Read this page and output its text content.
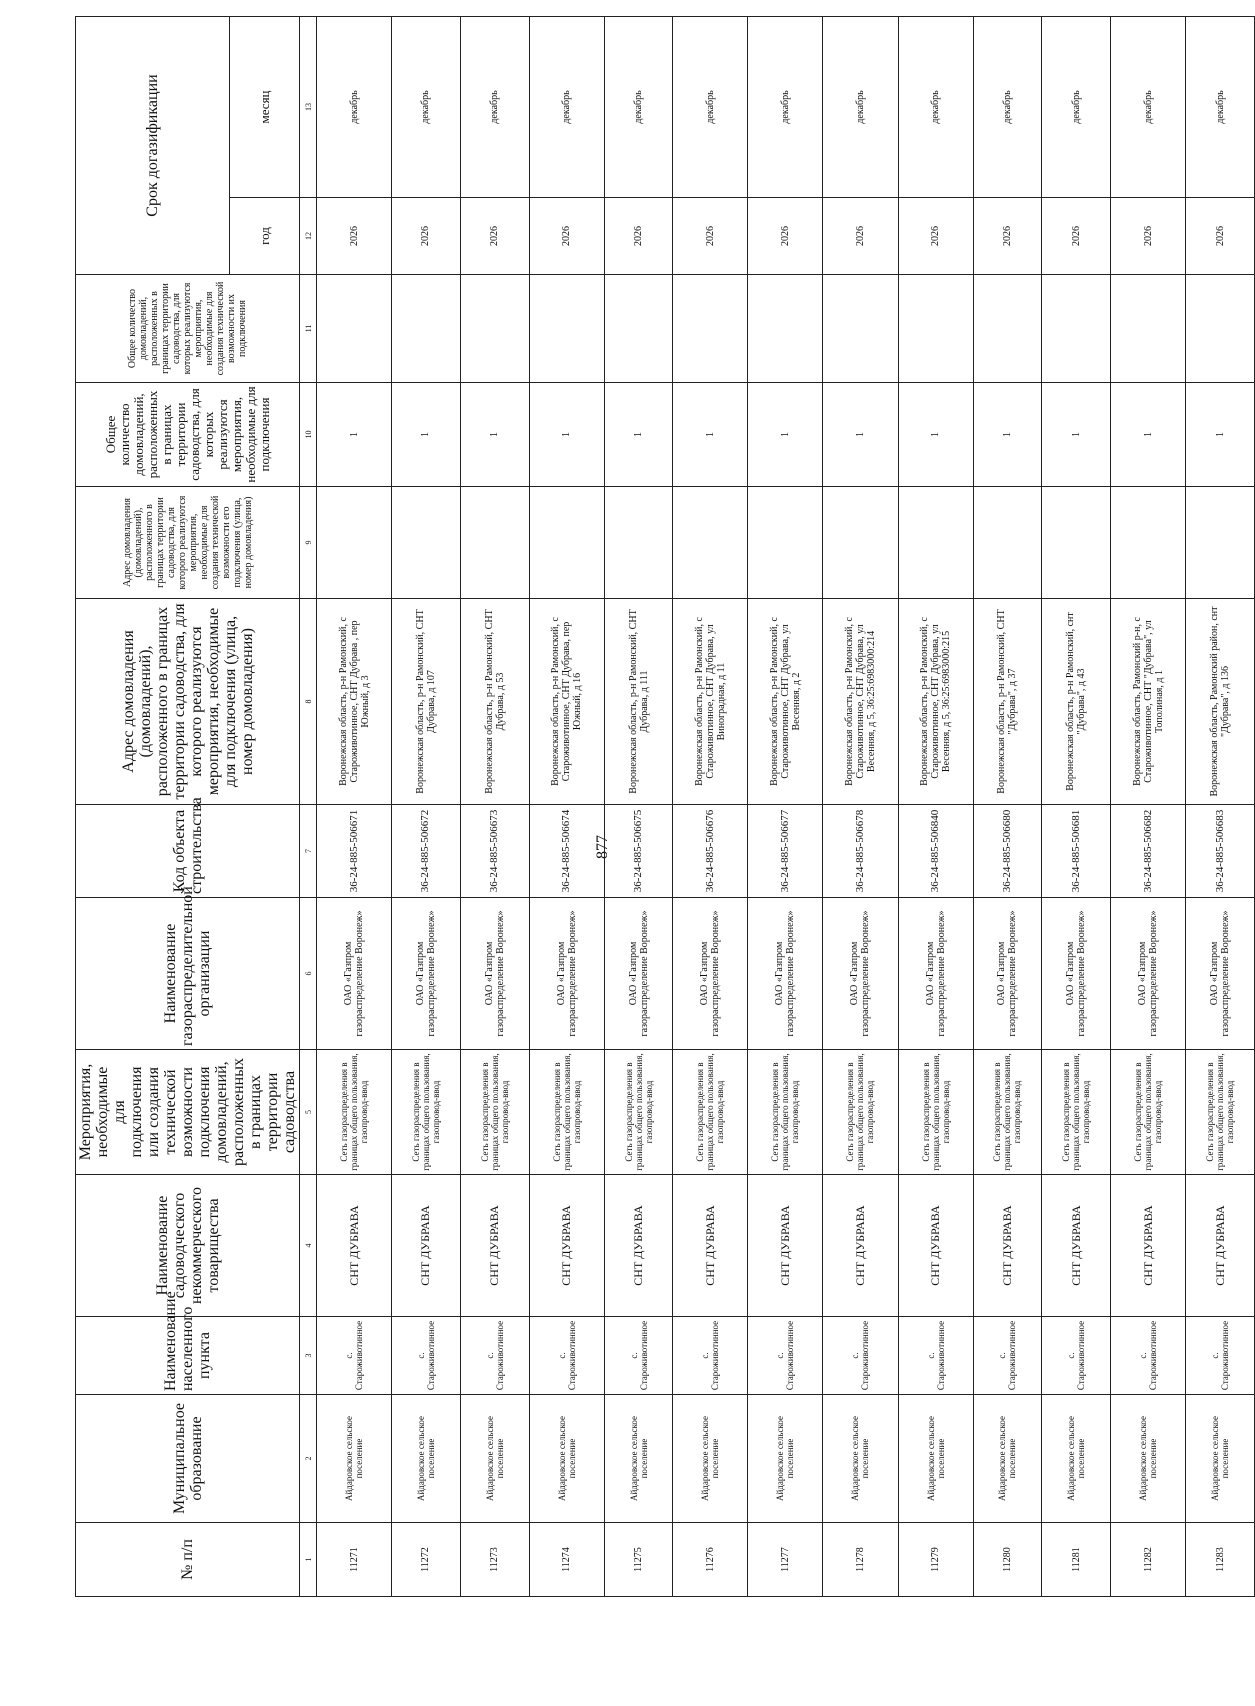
877
№ п/п	Муниципальное образование	Наименование населенного пункта	Наименование садоводческого некоммерческого товарищества	Мероприятия, необходимые для подключения или создания технической возможности подключения домовладений, расположенных в границах территории садоводства	Наименование газораспределительной организации	Код объекта строительства	Адрес домовладения (домовладений), расположенного в границах территории садоводства, для которого реализуются мероприятия, необходимые для подключения (улица, номер домовладения)	Адрес домовладения (домовладений), расположенного в границах территории садоводства, для которого реализуются мероприятия, необходимые для создания технической возможности его подключения (улица, номер домовладения)	Общее количество домовладений, расположенных в границах территории садоводства, для которых реализуются мероприятия, необходимые для подключения	Общее количество домовладений, расположенных в границах территории садоводства, для которых реализуются мероприятия, необходимые для создания технической возможности их подключения	Срок догазификации	
											год	месяц
1	2	3	4	5	6	7	8	9	10	11	12	13
11271	Айдаровское сельское поселение	с. Староживотинное	СНТ ДУБРАВА	Сеть газораспределения в границах общего пользования, газопровод-ввод	ОАО «Газпром газораспределение Воронеж»	36-24-885-506671	Воронежская область, р-н Рамонский, с Староживотинное, СНТ Дубрава , пер Южный, д 3		1		2026	декабрь
11272	Айдаровское сельское поселение	с. Староживотинное	СНТ ДУБРАВА	Сеть газораспределения в границах общего пользования, газопровод-ввод	ОАО «Газпром газораспределение Воронеж»	36-24-885-506672	Воронежская область, р-н Рамонский, СНТ Дубрава, д 107		1		2026	декабрь
11273	Айдаровское сельское поселение	с. Староживотинное	СНТ ДУБРАВА	Сеть газораспределения в границах общего пользования, газопровод-ввод	ОАО «Газпром газораспределение Воронеж»	36-24-885-506673	Воронежская область, р-н Рамонский, СНТ Дубрава, д 53		1		2026	декабрь
11274	Айдаровское сельское поселение	с. Староживотинное	СНТ ДУБРАВА	Сеть газораспределения в границах общего пользования, газопровод-ввод	ОАО «Газпром газораспределение Воронеж»	36-24-885-506674	Воронежская область, р-н Рамонский, с Староживотинное, СНТ Дубрава, пер Южный, д 16		1		2026	декабрь
11275	Айдаровское сельское поселение	с. Староживотинное	СНТ ДУБРАВА	Сеть газораспределения в границах общего пользования, газопровод-ввод	ОАО «Газпром газораспределение Воронеж»	36-24-885-506675	Воронежская область, р-н Рамонский, СНТ Дубрава, д 111		1		2026	декабрь
11276	Айдаровское сельское поселение	с. Староживотинное	СНТ ДУБРАВА	Сеть газораспределения в границах общего пользования, газопровод-ввод	ОАО «Газпром газораспределение Воронеж»	36-24-885-506676	Воронежская область, р-н Рамонский, с Староживотинное, СНТ Дубрава, ул Виноградная, д 11		1		2026	декабрь
11277	Айдаровское сельское поселение	с. Староживотинное	СНТ ДУБРАВА	Сеть газораспределения в границах общего пользования, газопровод-ввод	ОАО «Газпром газораспределение Воронеж»	36-24-885-506677	Воронежская область, р-н Рамонский, с Староживотинное, СНТ Дубрава, ул Весенняя, д 2		1		2026	декабрь
11278	Айдаровское сельское поселение	с. Староживотинное	СНТ ДУБРАВА	Сеть газораспределения в границах общего пользования, газопровод-ввод	ОАО «Газпром газораспределение Воронеж»	36-24-885-506678	Воронежская область, р-н Рамонский, с Староживотинное, СНТ Дубрава, ул Весенняя, д 5, 36:25:6983000:214		1		2026	декабрь
11279	Айдаровское сельское поселение	с. Староживотинное	СНТ ДУБРАВА	Сеть газораспределения в границах общего пользования, газопровод-ввод	ОАО «Газпром газораспределение Воронеж»	36-24-885-506840	Воронежская область, р-н Рамонский, с Староживотинное, СНТ Дубрава, ул Весенняя, д 5, 36:25:6983000:215		1		2026	декабрь
11280	Айдаровское сельское поселение	с. Староживотинное	СНТ ДУБРАВА	Сеть газораспределения в границах общего пользования, газопровод-ввод	ОАО «Газпром газораспределение Воронеж»	36-24-885-506680	Воронежская область, р-н Рамонский, СНТ "Дубрава", д 37		1		2026	декабрь
11281	Айдаровское сельское поселение	с. Староживотинное	СНТ ДУБРАВА	Сеть газораспределения в границах общего пользования, газопровод-ввод	ОАО «Газпром газораспределение Воронеж»	36-24-885-506681	Воронежская область, р-н Рамонский, снт "Дубрава", д 43		1		2026	декабрь
11282	Айдаровское сельское поселение	с. Староживотинное	СНТ ДУБРАВА	Сеть газораспределения в границах общего пользования, газопровод-ввод	ОАО «Газпром газораспределение Воронеж»	36-24-885-506682	Воронежская область, Рамонский р-н, с Староживотинное, СНТ "Дубрава", ул Тополиная, д 1		1		2026	декабрь
11283	Айдаровское сельское поселение	с. Староживотинное	СНТ ДУБРАВА	Сеть газораспределения в границах общего пользования, газопровод-ввод	ОАО «Газпром газораспределение Воронеж»	36-24-885-506683	Воронежская область, Рамонский район, снт "Дубрава", д 136		1		2026	декабрь
